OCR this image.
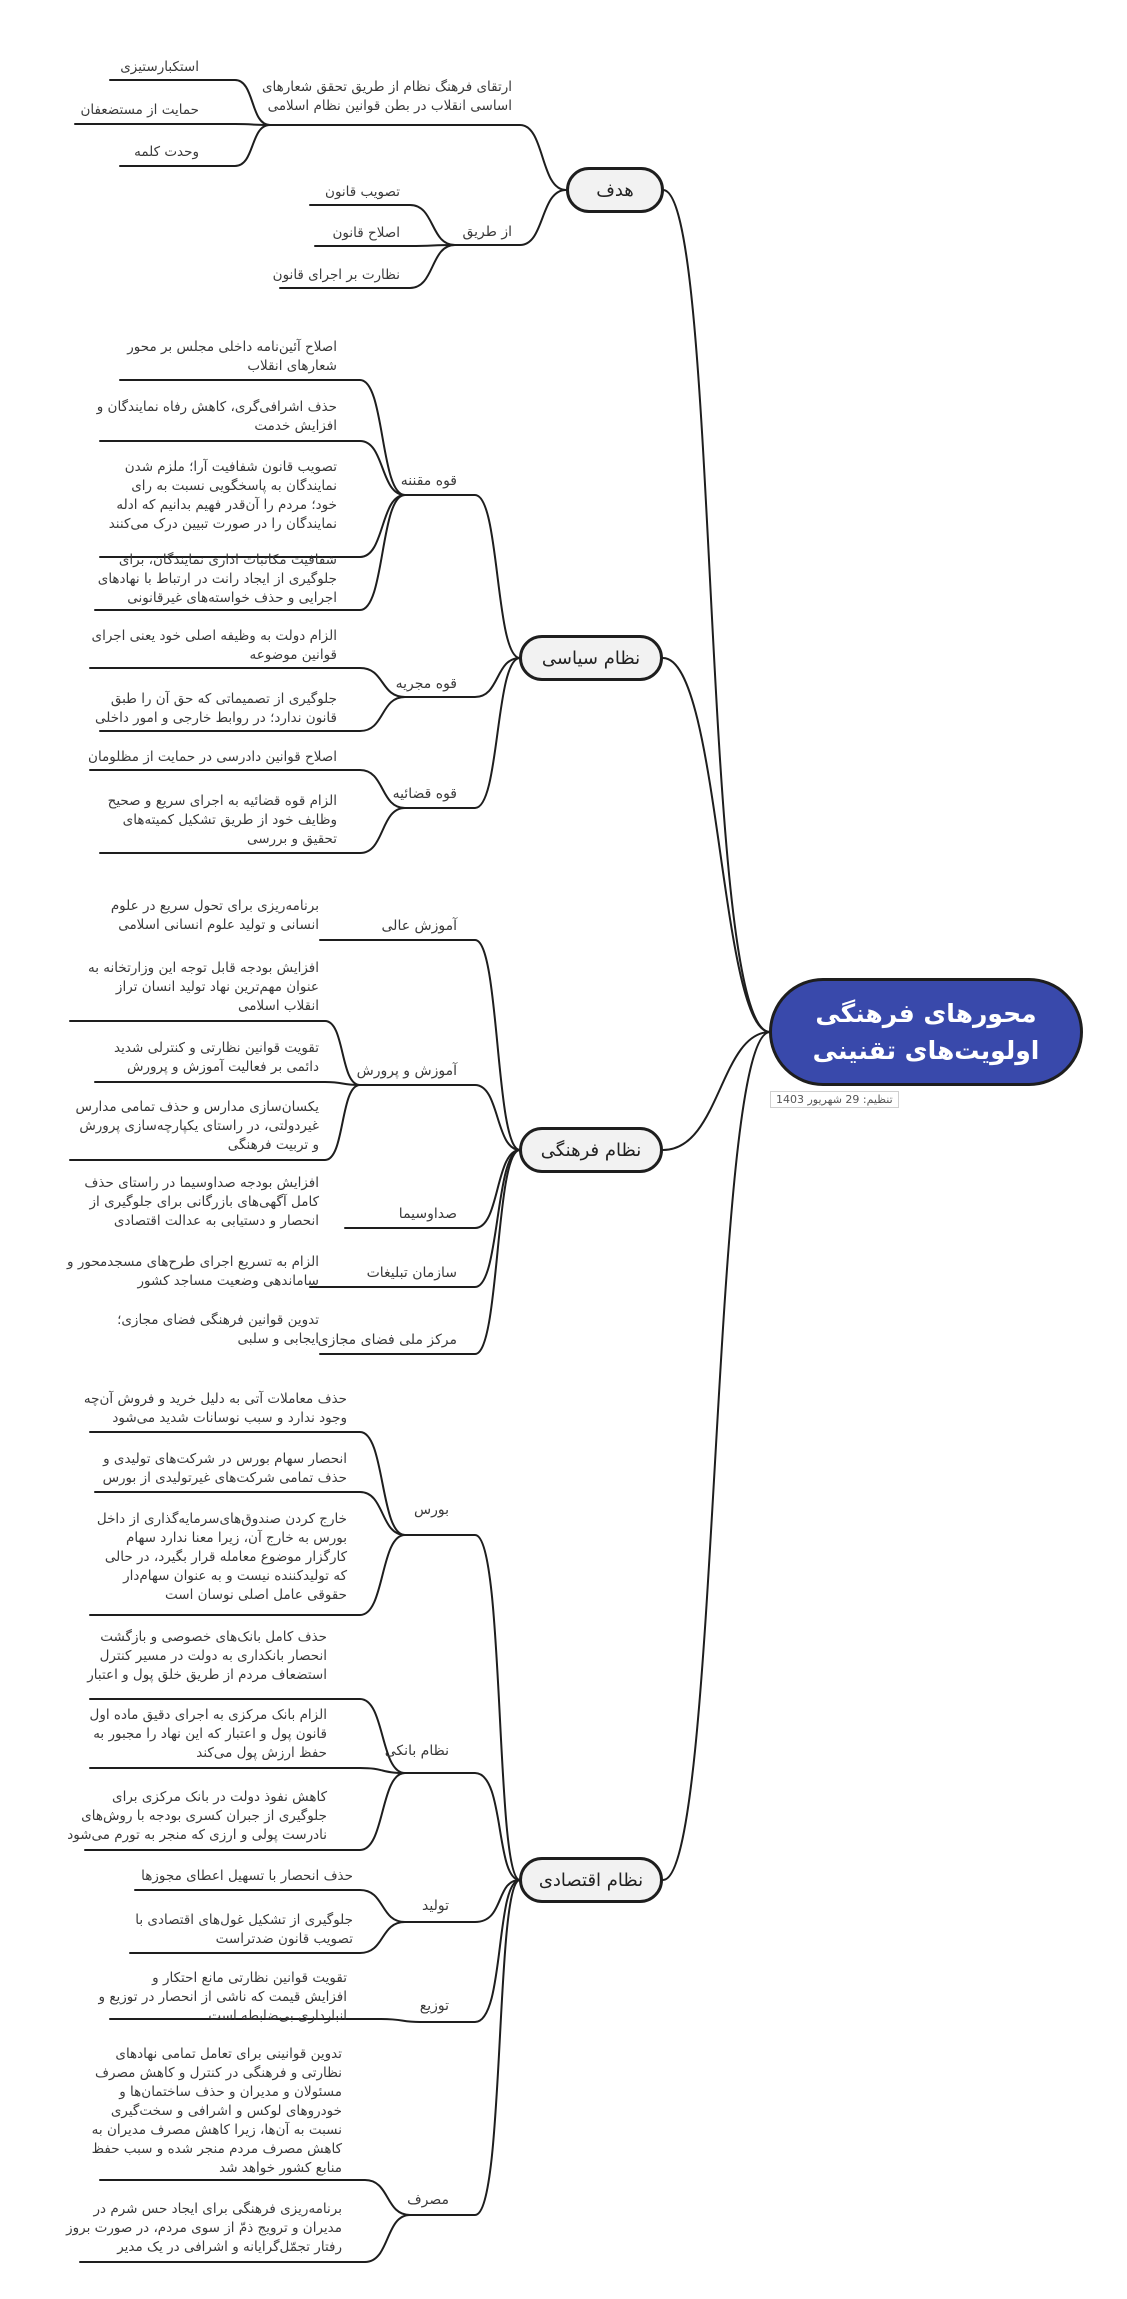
محورهای فرهنگی
اولویت‌های تقنینی
تنظیم: 29 شهریور 1403
هدف
نظام سیاسی
نظام فرهنگی
نظام اقتصادی
ارتقای فرهنگ نظام از طریق تحقق شعارهای
اساسی انقلاب در بطن قوانین نظام اسلامی
از طریق
استکبارستیزی
حمایت از مستضعفان
وحدت کلمه
تصویب قانون
اصلاح قانون
نظارت بر اجرای قانون
قوه مقننه
قوه مجریه
قوه قضائیه
اصلاح آئین‌نامه داخلی مجلس بر محور
شعارهای انقلاب
حذف اشرافی‌گری، کاهش رفاه نمایندگان و
افزایش خدمت
تصویب قانون شفافیت آرا؛ ملزم شدن
نمایندگان به پاسخگویی نسبت به رای
خود؛ مردم را آن‌قدر فهیم بدانیم که ادله
نمایندگان را در صورت تبیین درک می‌کنند
شفافیت مکاتبات اداری نمایندگان، برای
جلوگیری از ایجاد رانت در ارتباط با نهادهای
اجرایی و حذف خواسته‌های غیرقانونی
الزام دولت به وظیفه اصلی خود یعنی اجرای
قوانین موضوعه
جلوگیری از تصمیماتی که حق آن را طبق
قانون ندارد؛ در روابط خارجی و امور داخلی
اصلاح قوانین دادرسی در حمایت از مظلومان
الزام قوه قضائیه به اجرای سریع و صحیح
وظایف خود از طریق تشکیل کمیته‌های
تحقیق و بررسی
آموزش عالی
آموزش و پرورش
صداوسیما
سازمان تبلیغات
مرکز ملی فضای مجازی
برنامه‌ریزی برای تحول سریع در علوم
انسانی و تولید علوم انسانی اسلامی
افزایش بودجه قابل توجه این وزارتخانه به
عنوان مهم‌ترین نهاد تولید انسان تراز
انقلاب اسلامی
تقویت قوانین نظارتی و کنترلی شدید
دائمی بر فعالیت آموزش و پرورش
یکسان‌سازی مدارس و حذف تمامی مدارس
غیردولتی، در راستای یکپارچه‌سازی پرورش
و تربیت فرهنگی
افزایش بودجه صداوسیما در راستای حذف
کامل آگهی‌های بازرگانی برای جلوگیری از
انحصار و دستیابی به عدالت اقتصادی
الزام به تسریع اجرای طرح‌های مسجدمحور و
ساماندهی وضعیت مساجد کشور
تدوین قوانین فرهنگی فضای مجازی؛
ایجابی و سلبی
بورس
نظام بانکی
تولید
توزیع
مصرف
حذف معاملات آتی به دلیل خرید و فروش آن‌چه
وجود ندارد و سبب نوسانات شدید می‌شود
انحصار سهام بورس در شرکت‌های تولیدی و
حذف تمامی شرکت‌های غیرتولیدی از بورس
خارج کردن صندوق‌های‌سرمایه‌گذاری از داخل
بورس به خارج آن، زیرا معنا ندارد سهام
کارگزار موضوع معامله قرار بگیرد، در حالی
که تولیدکننده نیست و به عنوان سهام‌دار
حقوقی عامل اصلی نوسان است
حذف کامل بانک‌های خصوصی و بازگشت
انحصار بانکداری به دولت در مسیر کنترل
استضعاف مردم از طریق خلق پول و اعتبار
الزام بانک مرکزی به اجرای دقیق ماده اول
قانون پول و اعتبار که این نهاد را مجبور به
حفظ ارزش پول می‌کند
کاهش نفوذ دولت در بانک مرکزی برای
جلوگیری از جبران کسری بودجه با روش‌های
نادرست پولی و ارزی که منجر به تورم می‌شود
حذف انحصار با تسهیل اعطای مجوزها
جلوگیری از تشکیل غول‌های اقتصادی با
تصویب قانون ضدتراست
تقویت قوانین نظارتی مانع احتکار و
افزایش قیمت که ناشی از انحصار در توزیع و
انبارداری بی‌ضابطه است
تدوین قوانینی برای تعامل تمامی نهادهای
نظارتی و فرهنگی در کنترل و کاهش مصرف
مسئولان و مدیران و حذف ساختمان‌ها و
خودروهای لوکس و اشرافی و سخت‌گیری
نسبت به آن‌ها، زیرا کاهش مصرف مدیران به
کاهش مصرف مردم منجر شده و سبب حفظ
منابع کشور خواهد شد
برنامه‌ریزی فرهنگی برای ایجاد حس شرم در
مدیران و ترویج ذمّ از سوی مردم، در صورت بروز
رفتار تجمّل‌گرایانه و اشرافی در یک مدیر
